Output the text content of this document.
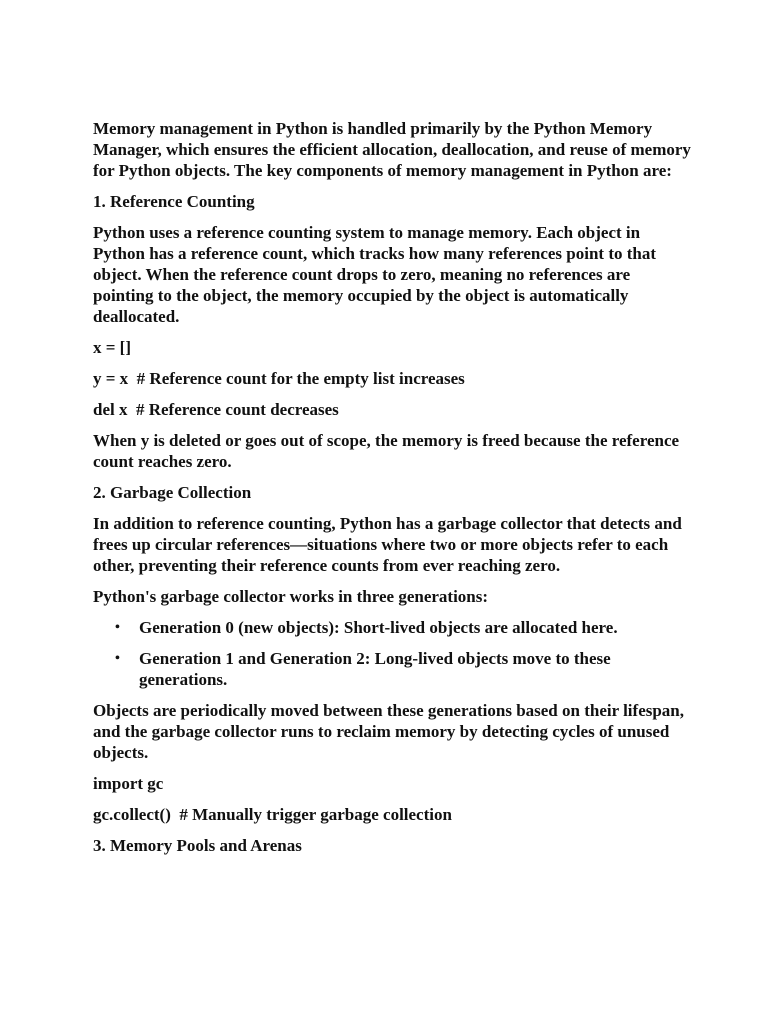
Memory management in Python is handled primarily by the Python Memory Manager, which ensures the efficient allocation, deallocation, and reuse of memory for Python objects. The key components of memory management in Python are:

1. Reference Counting

Python uses a reference counting system to manage memory. Each object in Python has a reference count, which tracks how many references point to that object. When the reference count drops to zero, meaning no references are pointing to the object, the memory occupied by the object is automatically deallocated.

x = []

y = x  # Reference count for the empty list increases

del x  # Reference count decreases

When y is deleted or goes out of scope, the memory is freed because the reference count reaches zero.

2. Garbage Collection

In addition to reference counting, Python has a garbage collector that detects and frees up circular references—situations where two or more objects refer to each other, preventing their reference counts from ever reaching zero.

Python's garbage collector works in three generations:

• Generation 0 (new objects): Short-lived objects are allocated here.
• Generation 1 and Generation 2: Long-lived objects move to these generations.

Objects are periodically moved between these generations based on their lifespan, and the garbage collector runs to reclaim memory by detecting cycles of unused objects.

import gc

gc.collect()  # Manually trigger garbage collection

3. Memory Pools and Arenas
